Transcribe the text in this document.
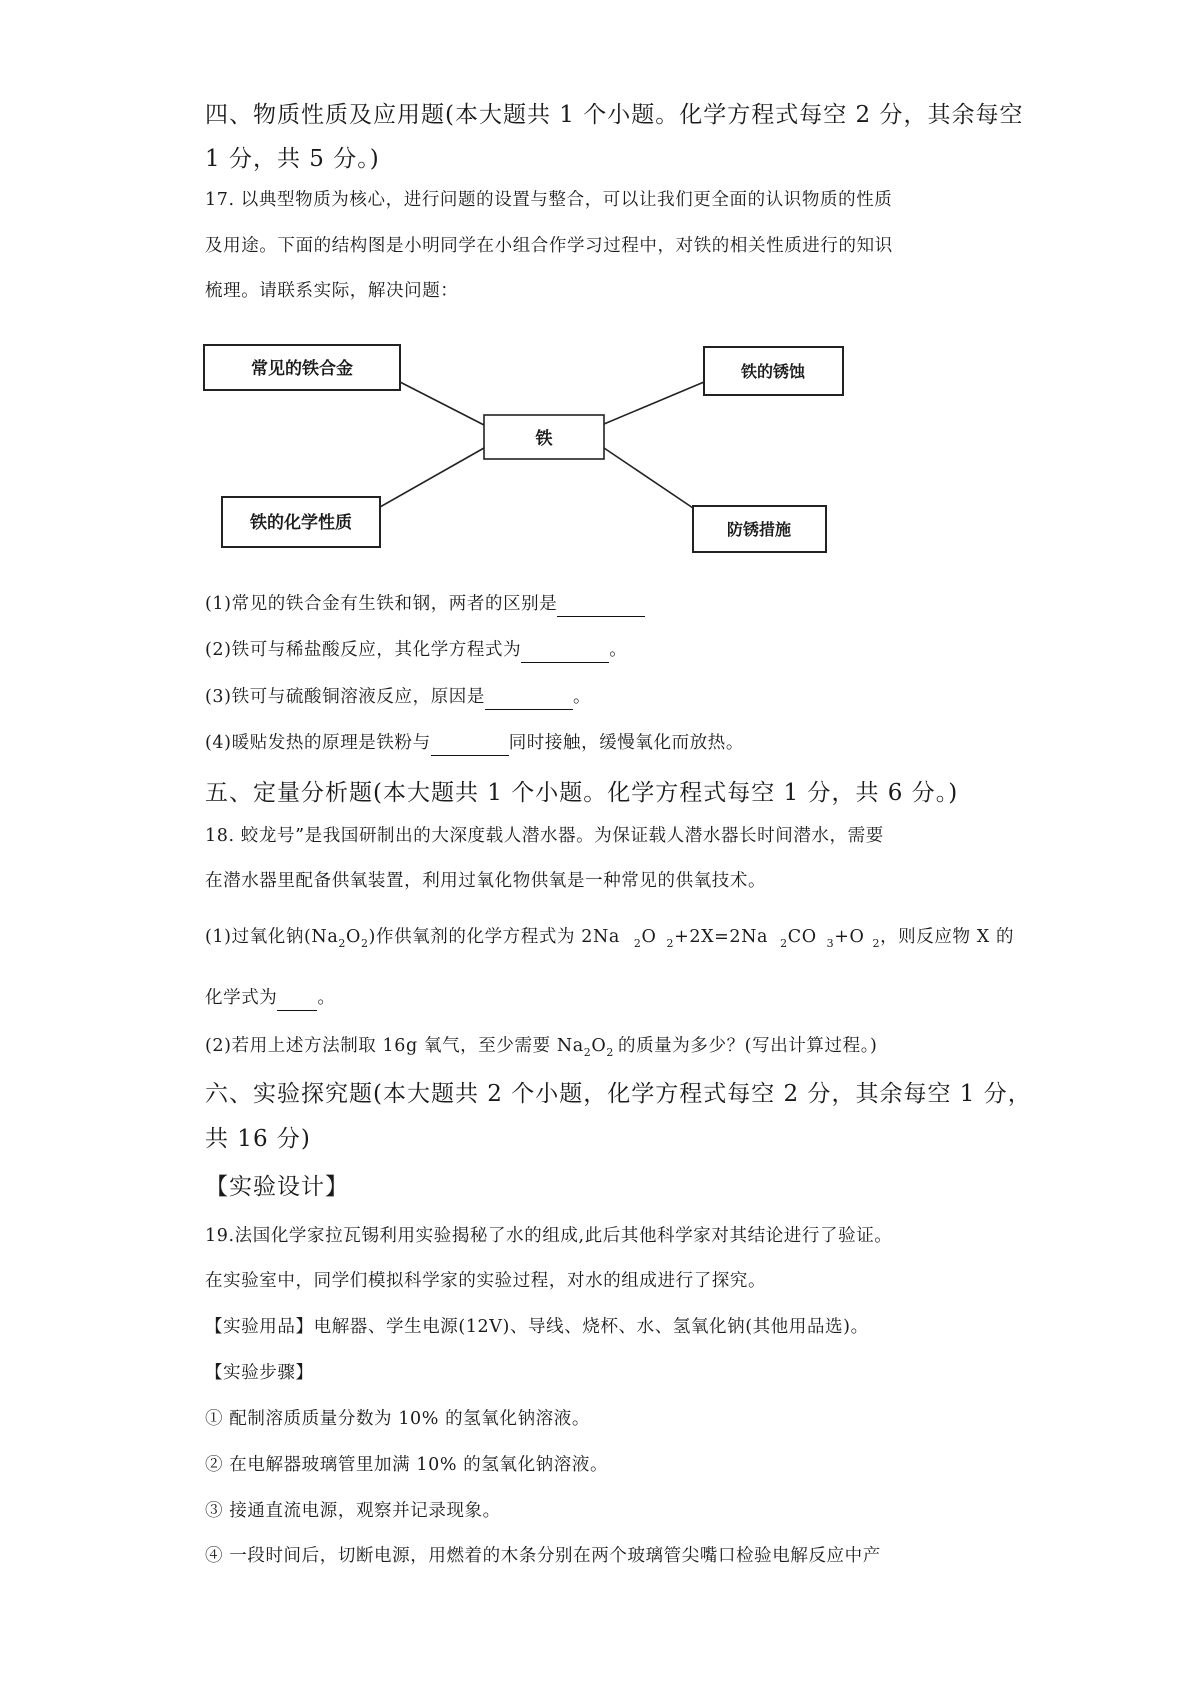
四、物质性质及应用题(本大题共 1 个小题。化学方程式每空 2 分，其余每空
1 分，共 5 分。)
17. 以典型物质为核心，进行问题的设置与整合，可以让我们更全面的认识物质的性质
及用途。下面的结构图是小明同学在小组合作学习过程中，对铁的相关性质进行的知识
梳理。请联系实际，解决问题：
铁
常见的铁合金	铁的锈蚀
铁的化学性质	防锈措施
(1)常见的铁合金有生铁和钢，两者的区别是
(2)铁可与稀盐酸反应，其化学方程式为	。
(3)铁可与硫酸铜溶液反应，原因是	。
(4)暖贴发热的原理是铁粉与	同时接触，缓慢氧化而放热。
五、定量分析题(本大题共 1 个小题。化学方程式每空 1 分，共 6 分。)
18. 蛟龙号”是我国研制出的大深度载人潜水器。为保证载人潜水器长时间潜水，需要
在潜水器里配备供氧装置，利用过氧化物供氧是一种常见的供氧技术。
(1)过氧化钠$(Na_2O_2)$作供氧剂的化学方程式为 2Na $_2$O $_2$+2X=2Na $_2$CO $_3$+O $_2$，则反应物 X 的
化学式为 。
(2)若用上述方法制取 16g 氧气，至少需要 $Na_2O_2$ 的质量为多少？(写出计算过程。)
六、实验探究题(本大题共 2 个小题，化学方程式每空 2 分，其余每空 1 分，
共 16 分)
【实验设计】
19.法国化学家拉瓦锡利用实验揭秘了水的组成,此后其他科学家对其结论进行了验证。
在实验室中，同学们模拟科学家的实验过程，对水的组成进行了探究。
【实验用品】电解器、学生电源(12V)、导线、烧杯、水、氢氧化钠(其他用品选)。
【实验步骤】
① 配制溶质质量分数为 10% 的氢氧化钠溶液。
② 在电解器玻璃管里加满 10% 的氢氧化钠溶液。
③ 接通直流电源，观察并记录现象。
④ 一段时间后，切断电源，用燃着的木条分别在两个玻璃管尖嘴口检验电解反应中产
